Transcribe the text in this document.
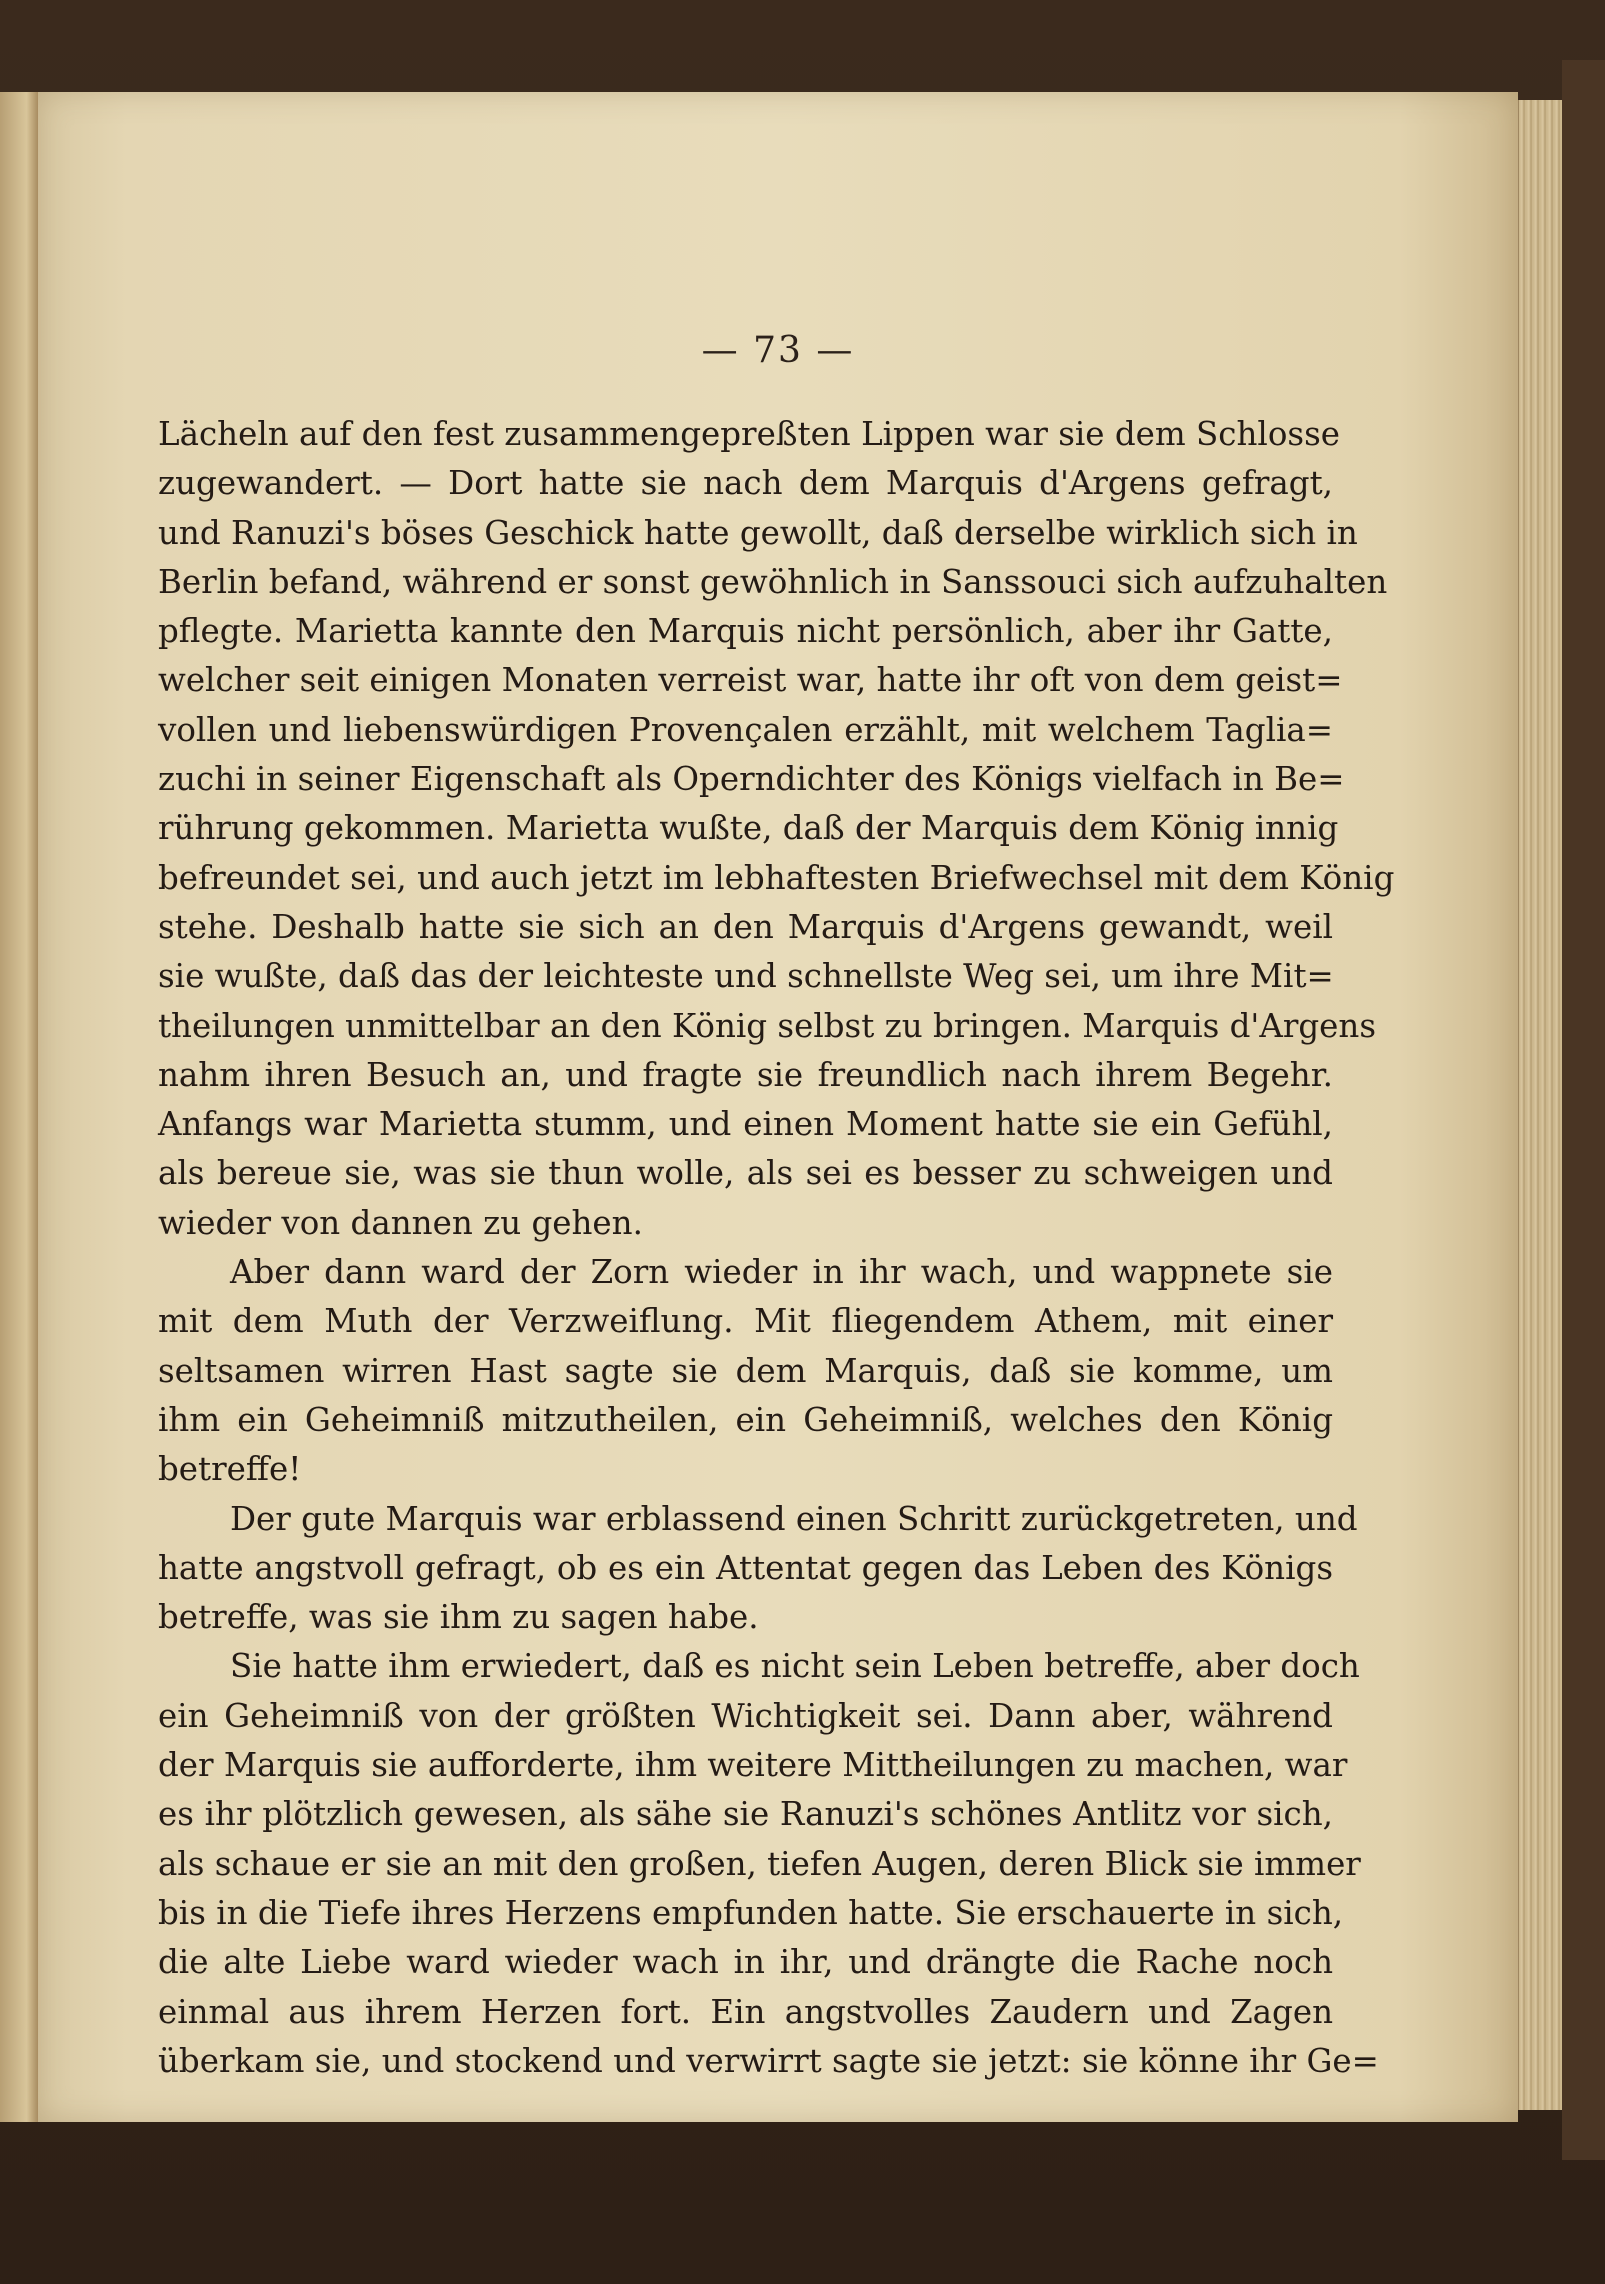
— 73 —
Lächeln auf den fest zusammengepreßten Lippen war sie dem Schlosse
zugewandert. — Dort hatte sie nach dem Marquis d'Argens gefragt,
und Ranuzi's böses Geschick hatte gewollt, daß derselbe wirklich sich in
Berlin befand, während er sonst gewöhnlich in Sanssouci sich aufzuhalten
pflegte. Marietta kannte den Marquis nicht persönlich, aber ihr Gatte,
welcher seit einigen Monaten verreist war, hatte ihr oft von dem geist=
vollen und liebenswürdigen Provençalen erzählt, mit welchem Taglia=
zuchi in seiner Eigenschaft als Operndichter des Königs vielfach in Be=
rührung gekommen. Marietta wußte, daß der Marquis dem König innig
befreundet sei, und auch jetzt im lebhaftesten Briefwechsel mit dem König
stehe. Deshalb hatte sie sich an den Marquis d'Argens gewandt, weil
sie wußte, daß das der leichteste und schnellste Weg sei, um ihre Mit=
theilungen unmittelbar an den König selbst zu bringen. Marquis d'Argens
nahm ihren Besuch an, und fragte sie freundlich nach ihrem Begehr.
Anfangs war Marietta stumm, und einen Moment hatte sie ein Gefühl,
als bereue sie, was sie thun wolle, als sei es besser zu schweigen und
wieder von dannen zu gehen.
Aber dann ward der Zorn wieder in ihr wach, und wappnete sie
mit dem Muth der Verzweiflung. Mit fliegendem Athem, mit einer
seltsamen wirren Hast sagte sie dem Marquis, daß sie komme, um
ihm ein Geheimniß mitzutheilen, ein Geheimniß, welches den König
betreffe!
Der gute Marquis war erblassend einen Schritt zurückgetreten, und
hatte angstvoll gefragt, ob es ein Attentat gegen das Leben des Königs
betreffe, was sie ihm zu sagen habe.
Sie hatte ihm erwiedert, daß es nicht sein Leben betreffe, aber doch
ein Geheimniß von der größten Wichtigkeit sei. Dann aber, während
der Marquis sie aufforderte, ihm weitere Mittheilungen zu machen, war
es ihr plötzlich gewesen, als sähe sie Ranuzi's schönes Antlitz vor sich,
als schaue er sie an mit den großen, tiefen Augen, deren Blick sie immer
bis in die Tiefe ihres Herzens empfunden hatte. Sie erschauerte in sich,
die alte Liebe ward wieder wach in ihr, und drängte die Rache noch
einmal aus ihrem Herzen fort. Ein angstvolles Zaudern und Zagen
überkam sie, und stockend und verwirrt sagte sie jetzt: sie könne ihr Ge=
